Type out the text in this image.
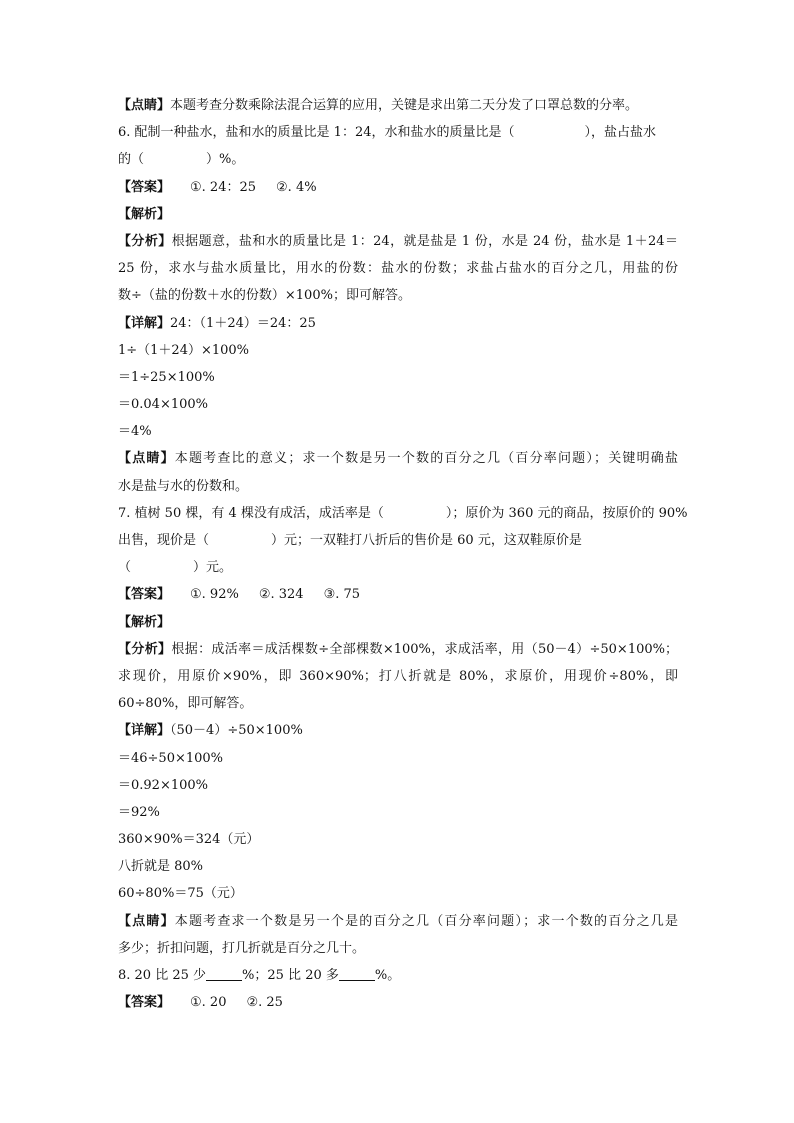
【点睛】本题考查分数乘除法混合运算的应用，关键是求出第二天分发了口罩总数的分率。
6. 配制一种盐水，盐和水的质量比是 1：24，水和盐水的质量比是（	），盐占盐水
的（	）%。
【答案】 ①. 24：25 ②. 4%
【解析】
【分析】根据题意，盐和水的质量比是 1：24，就是盐是 1 份，水是 24 份，盐水是 1＋24＝
25 份，求水与盐水质量比，用水的份数：盐水的份数；求盐占盐水的百分之几，用盐的份
数÷（盐的份数＋水的份数）×100%；即可解答。
【详解】24：（1＋24）＝24：25
1÷（1＋24）×100%
＝1÷25×100%
＝0.04×100%
＝4%
【点睛】本题考查比的意义；求一个数是另一个数的百分之几（百分率问题）；关键明确盐
水是盐与水的份数和。
7. 植树 50 棵，有 4 棵没有成活，成活率是（	）；原价为 360 元的商品，按原价的 90%
出售，现价是（	）元；一双鞋打八折后的售价是 60 元，这双鞋原价是
（	）元。
【答案】 ①. 92% ②. 324 ③. 75
【解析】
【分析】根据：成活率＝成活棵数÷全部棵数×100%，求成活率，用（50－4）÷50×100%；
求现价，用原价×90%，即 360×90%；打八折就是 80%，求原价，用现价÷80%，即
60÷80%，即可解答。
【详解】（50－4）÷50×100%
＝46÷50×100%
＝0.92×100%
＝92%
360×90%＝324（元）
八折就是 80%
60÷80%＝75（元）
【点睛】本题考查求一个数是另一个是的百分之几（百分率问题）；求一个数的百分之几是
多少；折扣问题，打几折就是百分之几十。
8. 20 比 25 少	%；25 比 20 多	%。
【答案】 ①. 20 ②. 25
